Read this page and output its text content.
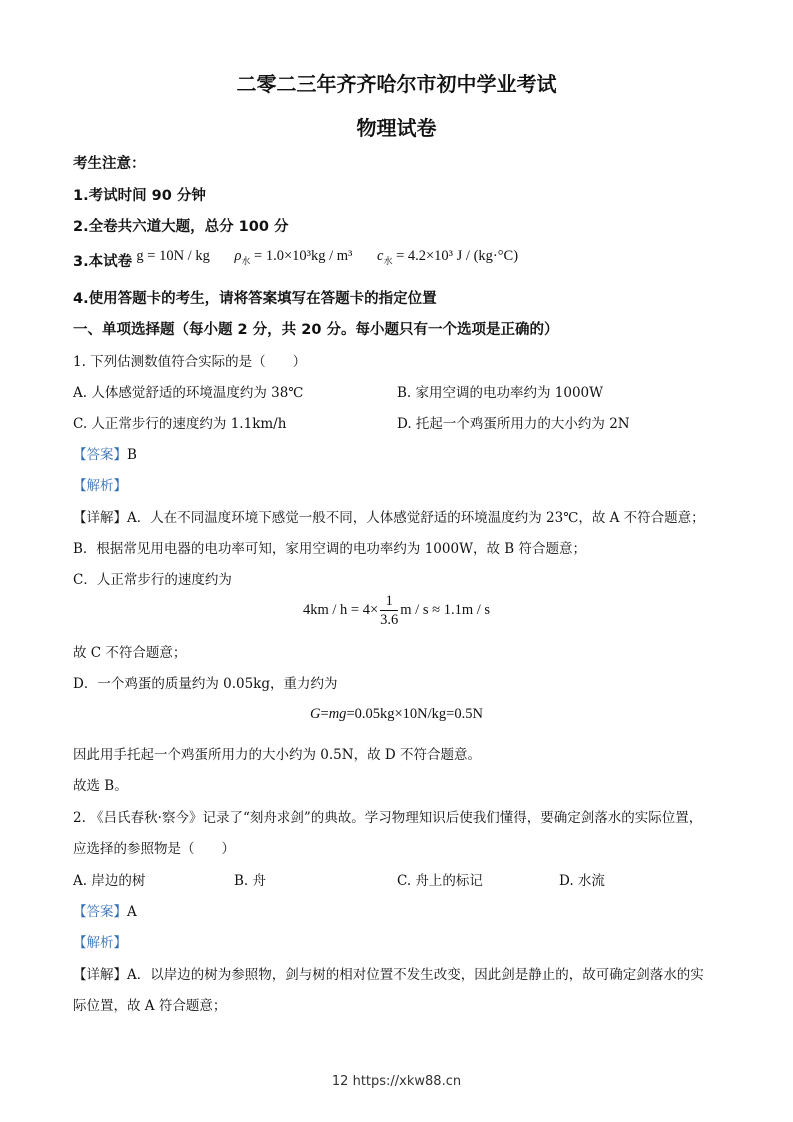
二零二三年齐齐哈尔市初中学业考试
物理试卷
考生注意：
1.考试时间 90 分钟
2.全卷共六道大题，总分 100 分
3.本试卷 g = 10N / kg $\rho_水 = 1.0\times 10^3kg / m^3$ $c_水 = 4.2\times 10^3$ J / (kg·°C)
4.使用答题卡的考生，请将答案填写在答题卡的指定位置
一、单项选择题（每小题 2 分，共 20 分。每小题只有一个选项是正确的）
1. 下列估测数值符合实际的是（　　）
A. 人体感觉舒适的环境温度约为 38℃	B. 家用空调的电功率约为 1000W
C. 人正常步行的速度约为 1.1km/h	D. 托起一个鸡蛋所用力的大小约为 2N
【答案】B
【解析】
【详解】A．人在不同温度环境下感觉一般不同，人体感觉舒适的环境温度约为 23℃，故 A 不符合题意；
B．根据常见用电器的电功率可知，家用空调的电功率约为 1000W，故 B 符合题意；
C．人正常步行的速度约为
$4km / h = 4\times \frac{1}{3.6}$ m / s ≈ 1.1m / s
故 C 不符合题意；
D．一个鸡蛋的质量约为 0.05kg，重力约为
G=mg=0.05kg×10N/kg=0.5N
因此用手托起一个鸡蛋所用力的大小约为 0.5N，故 D 不符合题意。
故选 B。
2. 《吕氏春秋·察今》记录了“刻舟求剑”的典故。学习物理知识后使我们懂得，要确定剑落水的实际位置，
应选择的参照物是（　　）
A. 岸边的树	B. 舟	C. 舟上的标记	D. 水流
【答案】A
【解析】
【详解】A．以岸边的树为参照物，剑与树的相对位置不发生改变，因此剑是静止的，故可确定剑落水的实
际位置，故 A 符合题意；
12 https://xkw88.cn
